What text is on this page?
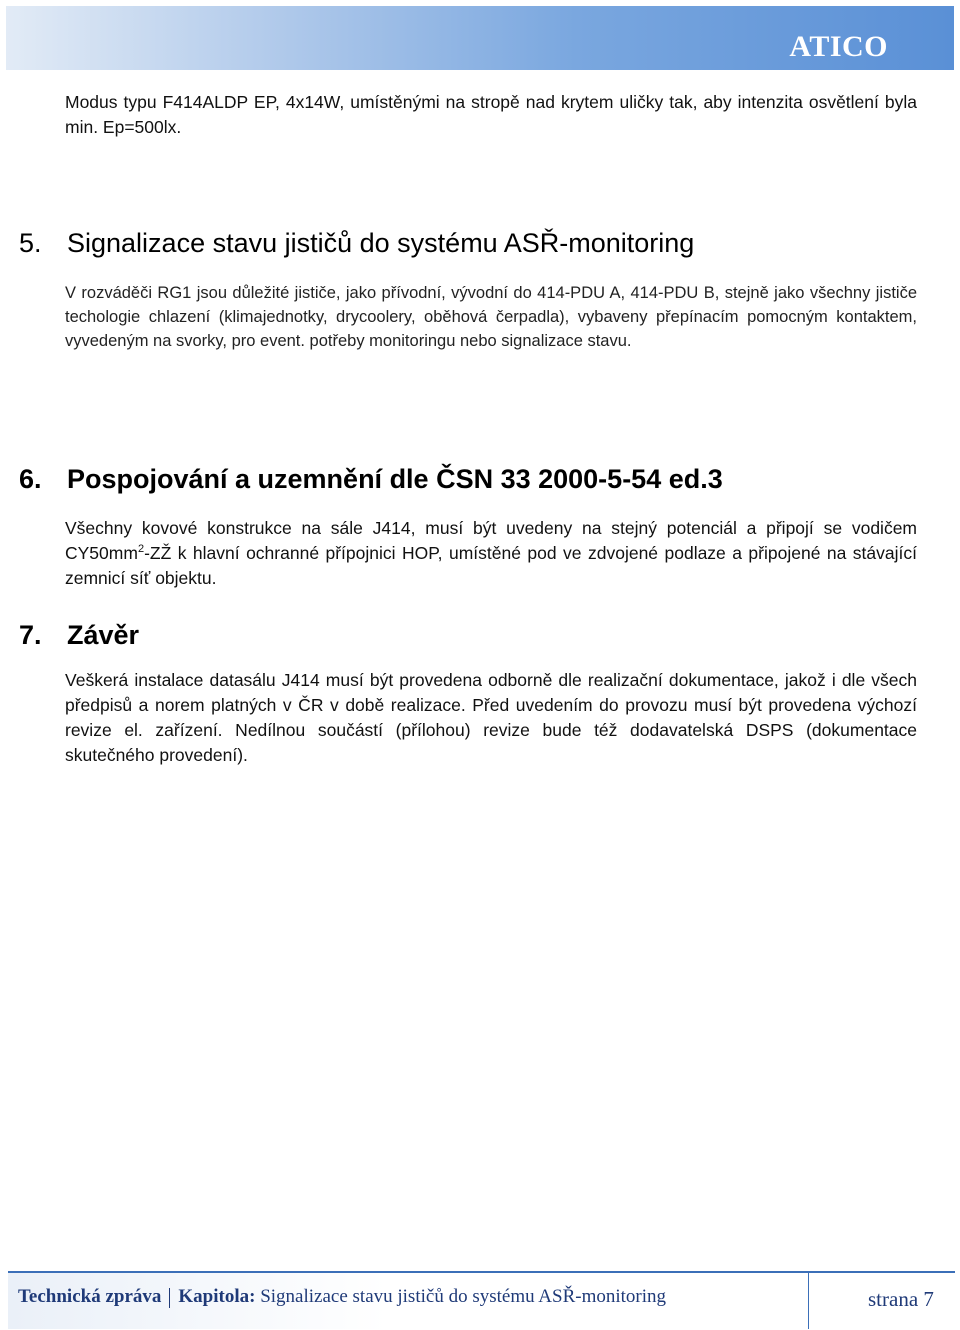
ATICO

Modus typu F414ALDP EP, 4x14W, umístěnými na stropě nad krytem uličky tak, aby intenzita osvětlení byla min. Ep=500lx.

5. Signalizace stavu jističů do systému ASŘ-monitoring

V rozváděči RG1 jsou důležité jističe, jako přívodní, vývodní do 414-PDU A, 414-PDU B, stejně jako všechny jističe techologie chlazení (klimajednotky, drycoolery, oběhová čerpadla), vybaveny přepínacím pomocným kontaktem, vyvedeným na svorky, pro event. potřeby monitoringu nebo signalizace stavu.

6. Pospojování a uzemnění dle ČSN 33 2000-5-54 ed.3

Všechny kovové konstrukce na sále J414, musí být uvedeny na stejný potenciál a připojí se vodičem $CY50mm^2-ZŽ$ k hlavní ochranné přípojnici HOP, umístěné pod ve zdvojené podlaze a připojené na stávající zemnicí síť objektu.

7. Závěr

Veškerá instalace datasálu J414 musí být provedena odborně dle realizační dokumentace, jakož i dle všech předpisů a norem platných v ČR v době realizace. Před uvedením do provozu musí být provedena výchozí revize el. zařízení. Nedílnou součástí (přílohou) revize bude též dodavatelská DSPS (dokumentace skutečného provedení).

Technická zpráva Kapitola: Signalizace stavu jističů do systému ASŘ-monitoring	strana 7
